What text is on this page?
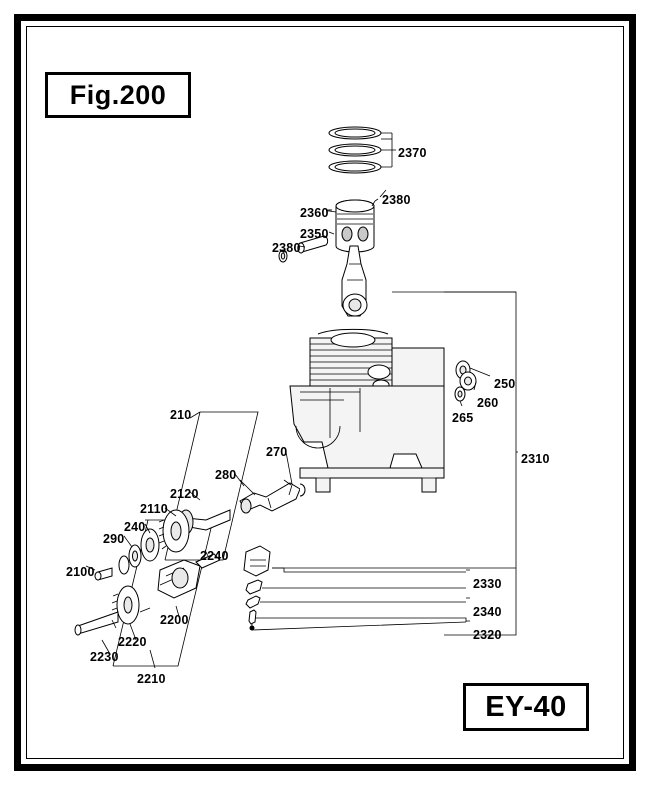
Fig.200
EY-40
2370
2380
2360
2350
2380
250
260
265
2310
210
270
280
2120
2110
240
290
2240
2100
2330
2200
2340
2320
2220
2230
2210
